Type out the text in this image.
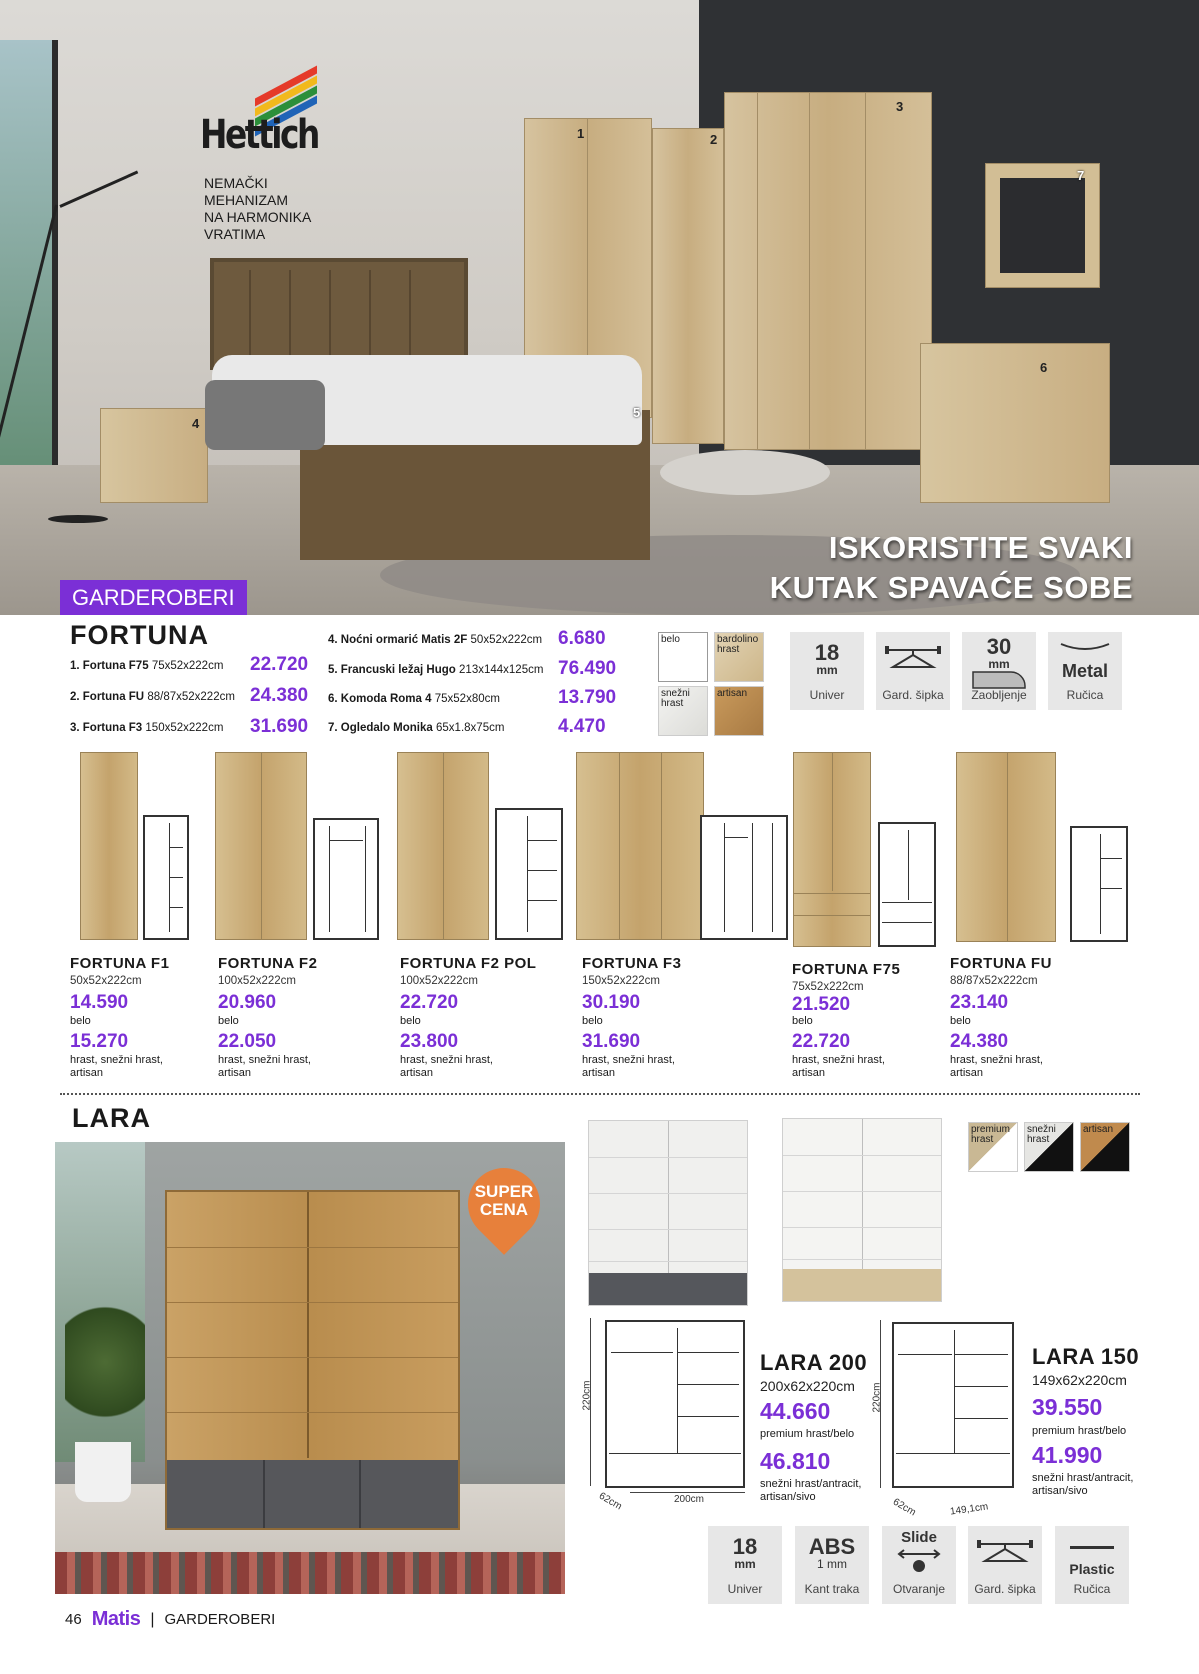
1	2
3
4
5
6
7
Hettich
NEMAČKI
MEHANIZAM
NA HARMONIKA
VRATIMA
ISKORISTITE SVAKI
KUTAK SPAVAĆE SOBE
GARDEROBERI
FORTUNA
1. Fortuna F75 75x52x222cm 22.720
2. Fortuna FU 88/87x52x222cm 24.380
3. Fortuna F3 150x52x222cm 31.690
4. Noćni ormarić Matis 2F 50x52x222cm 6.680
5. Francuski ležaj Hugo 213x144x125cm 76.490
6. Komoda Roma 4 75x52x80cm	13.790
7. Ogledalo Monika 65x1.8x75cm	4.470
belo	bardolino hrast
snežni hrast
artisan
18
mm
Univer	Gard. šipka
30
mm
Zaobljenje
Metal
Ručica
FORTUNA F1
50x52x222cm
14.590
belo
15.270
hrast, snežni hrast, artisan
FORTUNA F2
100x52x222cm
20.960
belo
22.050
hrast, snežni hrast, artisan
FORTUNA F2 POL
100x52x222cm
22.720
belo
23.800
hrast, snežni hrast, artisan
FORTUNA F3
150x52x222cm
30.190
belo
31.690
hrast, snežni hrast, artisan
FORTUNA F75
75x52x222cm
21.520
belo
22.720
hrast, snežni hrast, artisan
FORTUNA FU
88/87x52x222cm
23.140
belo
24.380
hrast, snežni hrast, artisan
LARA
SUPER
CENA
premium hrast
snežni hrast
artisan
220cm
62cm	200cm
220cm
62cm	149,1cm
LARA 200
200x62x220cm
44.660
premium hrast/belo
46.810
snežni hrast/antracit, artisan/sivo
LARA 150
149x62x220cm
39.550
premium hrast/belo
41.990
snežni hrast/antracit, artisan/sivo
18
mm
Univer
ABS
1 mm
Kant traka
Slide
Otvaranje	Gard. šipka
Plastic
Ručica
46 Matis | GARDEROBERI
